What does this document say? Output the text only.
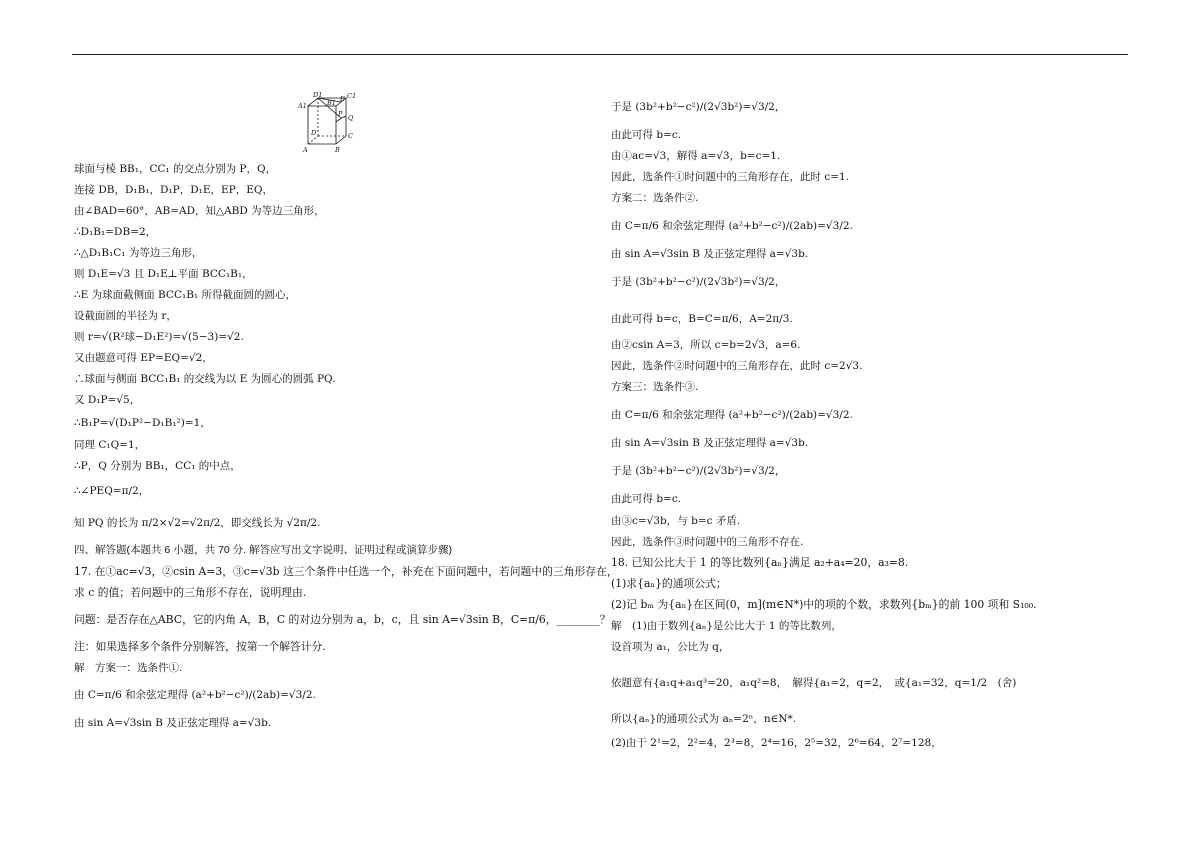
D1
A1
C1
B1 E
P Q
D
A	B
C
球面与棱 BB₁，CC₁ 的交点分别为 P，Q，
连接 DB，D₁B₁，D₁P，D₁E，EP，EQ，
由∠BAD=60°，AB=AD，知△ABD 为等边三角形，
∴D₁B₁=DB=2，
∴△D₁B₁C₁ 为等边三角形，
则 D₁E=√3 且 D₁E⊥平面 BCC₁B₁，
∴E 为球面截侧面 BCC₁B₁ 所得截面圆的圆心，
设截面圆的半径为 r，
则 r=√(R²球−D₁E²)=√(5−3)=√2.
又由题意可得 EP=EQ=√2，
∴球面与侧面 BCC₁B₁ 的交线为以 E 为圆心的圆弧 PQ.
又 D₁P=√5，
∴B₁P=√(D₁P²−D₁B₁²)=1，
同理 C₁Q=1，
∴P，Q 分别为 BB₁，CC₁ 的中点，
∴∠PEQ=π/2，
知 PQ 的长为 π/2×√2=√2π/2，即交线长为 √2π/2.
四、解答题(本题共 6 小题，共 70 分. 解答应写出文字说明、证明过程或演算步骤)
17. 在①ac=√3，②csin A=3，③c=√3b 这三个条件中任选一个，补充在下面问题中，若问题中的三角形存在，
求 c 的值；若问题中的三角形不存在，说明理由.
问题：是否存在△ABC，它的内角 A，B，C 的对边分别为 a，b，c，且 sin A=√3sin B，C=π/6，________？
注：如果选择多个条件分别解答，按第一个解答计分.
解　方案一：选条件①.
由 C=π/6 和余弦定理得 (a²+b²−c²)/(2ab)=√3/2.
由 sin A=√3sin B 及正弦定理得 a=√3b.
于是 (3b²+b²−c²)/(2√3b²)=√3/2，
由此可得 b=c.
由①ac=√3，解得 a=√3，b=c=1.
因此，选条件①时问题中的三角形存在，此时 c=1.
方案二：选条件②.
由 C=π/6 和余弦定理得 (a²+b²−c²)/(2ab)=√3/2.
由 sin A=√3sin B 及正弦定理得 a=√3b.
于是 (3b²+b²−c²)/(2√3b²)=√3/2，
由此可得 b=c，B=C=π/6，A=2π/3.
由②csin A=3，所以 c=b=2√3，a=6.
因此，选条件②时问题中的三角形存在，此时 c=2√3.
方案三：选条件③.
由 C=π/6 和余弦定理得 (a²+b²−c²)/(2ab)=√3/2.
由 sin A=√3sin B 及正弦定理得 a=√3b.
于是 (3b²+b²−c²)/(2√3b²)=√3/2，
由此可得 b=c.
由③c=√3b，与 b=c 矛盾.
因此，选条件③时问题中的三角形不存在.
18. 已知公比大于 1 的等比数列{aₙ}满足 a₂+a₄=20，a₃=8.
(1)求{aₙ}的通项公式；
(2)记 bₘ 为{aₙ}在区间(0，m](m∈N*)中的项的个数，求数列{bₘ}的前 100 项和 S₁₀₀.
解　(1)由于数列{aₙ}是公比大于 1 的等比数列，
设首项为 a₁，公比为 q，
依题意有{a₁q+a₁q³=20，a₁q²=8，　解得{a₁=2，q=2，　或{a₁=32，q=1/2　(舍)
所以{aₙ}的通项公式为 aₙ=2ⁿ，n∈N*.
(2)由于 2¹=2，2²=4，2³=8，2⁴=16，2⁵=32，2⁶=64，2⁷=128，
